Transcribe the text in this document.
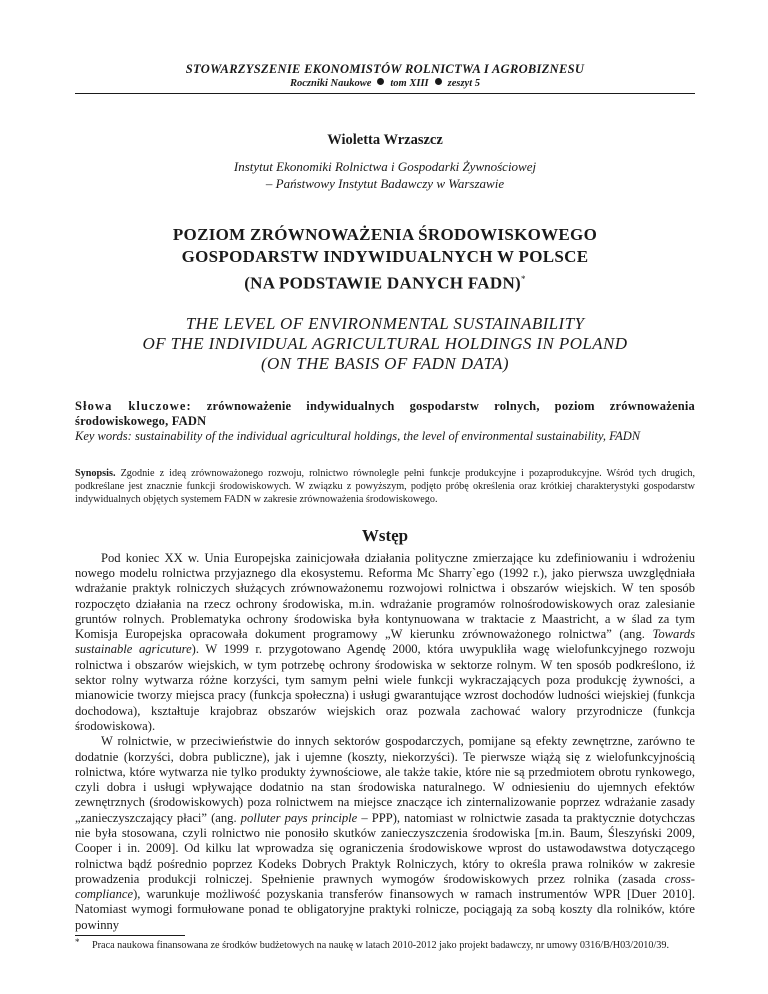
STOWARZYSZENIE EKONOMISTÓW ROLNICTWA I AGROBIZNESU
Roczniki Naukowe tom XIII zeszyt 5
Wioletta Wrzaszcz
Instytut Ekonomiki Rolnictwa i Gospodarki Żywnościowej
– Państwowy Instytut Badawczy w Warszawie
POZIOM ZRÓWNOWAŻENIA ŚRODOWISKOWEGO
GOSPODARSTW INDYWIDUALNYCH W POLSCE
(NA PODSTAWIE DANYCH FADN)*
THE LEVEL OF ENVIRONMENTAL SUSTAINABILITY
OF THE INDIVIDUAL AGRICULTURAL HOLDINGS IN POLAND
(ON THE BASIS OF FADN DATA)
Słowa kluczowe: zrównoważenie indywidualnych gospodarstw rolnych, poziom zrównoważenia środowiskowego, FADN
Key words: sustainability of the individual agricultural holdings, the level of environmental sustainability, FADN
Synopsis. Zgodnie z ideą zrównoważonego rozwoju, rolnictwo równolegle pełni funkcje produkcyjne i pozaprodukcyjne. Wśród tych drugich, podkreślane jest znacznie funkcji środowiskowych. W związku z powyższym, podjęto próbę określenia oraz krótkiej charakterystyki gospodarstw indywidualnych objętych systemem FADN w zakresie zrównoważenia środowiskowego.
Wstęp

Pod koniec XX w. Unia Europejska zainicjowała działania polityczne zmierzające ku zdefiniowaniu i wdrożeniu nowego modelu rolnictwa przyjaznego dla ekosystemu. Reforma Mc Sharry`ego (1992 r.), jako pierwsza uwzględniała wdrażanie praktyk rolniczych służących zrównoważonemu rozwojowi rolnictwa i obszarów wiejskich. W ten sposób rozpoczęto działania na rzecz ochrony środowiska, m.in. wdrażanie programów rolnośrodowiskowych oraz zalesianie gruntów rolnych. Problematyka ochrony środowiska była kontynuowana w traktacie z Maastricht, a w ślad za tym Komisja Europejska opracowała dokument programowy „W kierunku zrównoważonego rolnictwa” (ang. Towards sustainable agricuture). W 1999 r. przygotowano Agendę 2000, która uwypukliła wagę wielofunkcyjnego rozwoju rolnictwa i obszarów wiejskich, w tym potrzebę ochrony środowiska w sektorze rolnym. W ten sposób podkreślono, iż sektor rolny wytwarza różne korzyści, tym samym pełni wiele funkcji wykraczających poza produkcję żywności, a mianowicie tworzy miejsca pracy (funkcja społeczna) i usługi gwarantujące wzrost dochodów ludności wiejskiej (funkcja dochodowa), kształtuje krajobraz obszarów wiejskich oraz pozwala zachować walory przyrodnicze (funkcja środowiskowa).

W rolnictwie, w przeciwieństwie do innych sektorów gospodarczych, pomijane są efekty zewnętrzne, zarówno te dodatnie (korzyści, dobra publiczne), jak i ujemne (koszty, niekorzyści). Te pierwsze wiążą się z wielofunkcyjnością rolnictwa, które wytwarza nie tylko produkty żywnościowe, ale także takie, które nie są przedmiotem obrotu rynkowego, czyli dobra i usługi wpływające dodatnio na stan środowiska naturalnego. W odniesieniu do ujemnych efektów zewnętrznych (środowiskowych) poza rolnictwem na miejsce znaczące ich zinternalizowanie poprzez wdrażanie zasady „zanieczyszczający płaci” (ang. polluter pays principle – PPP), natomiast w rolnictwie zasada ta praktycznie dotychczas nie była stosowana, czyli rolnictwo nie ponosiło skutków zanieczyszczenia środowiska [m.in. Baum, Śleszyński 2009, Cooper i in. 2009]. Od kilku lat wprowadza się ograniczenia środowiskowe wprost do ustawodawstwa dotyczącego rolnictwa bądź pośrednio poprzez Kodeks Dobrych Praktyk Rolniczych, który to określa prawa rolników w zakresie prowadzenia produkcji rolniczej. Spełnienie prawnych wymogów środowiskowych przez rolnika (zasada cross-compliance), warunkuje możliwość pozyskania transferów finansowych w ramach instrumentów WPR [Duer 2010]. Natomiast wymogi formułowane ponad te obligatoryjne praktyki rolnicze, pociągają za sobą koszty dla rolników, które powinny

* Praca naukowa finansowana ze środków budżetowych na naukę w latach 2010-2012 jako projekt badawczy, nr umowy 0316/B/H03/2010/39.
